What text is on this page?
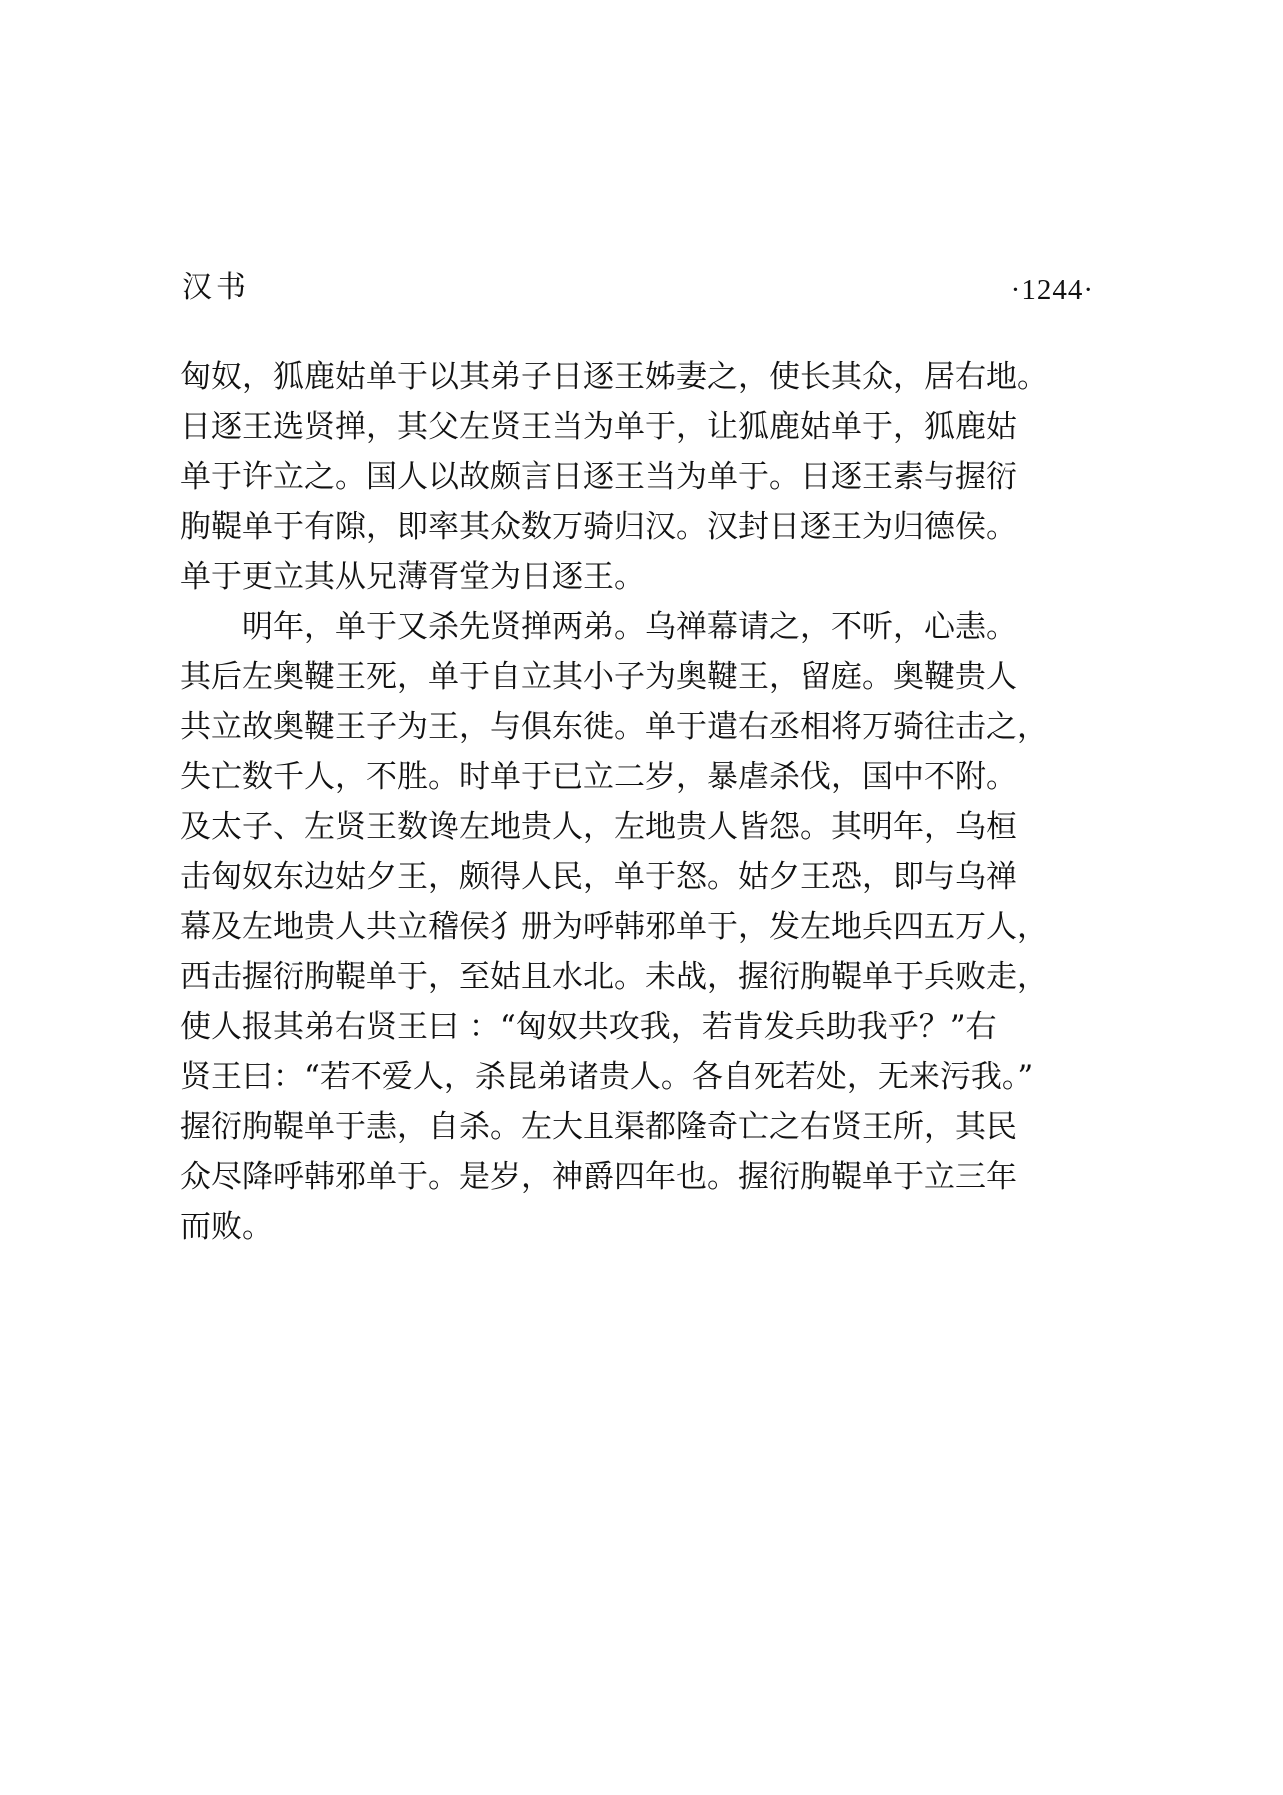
汉书	·1244·
匈奴，狐鹿姑单于以其弟子日逐王姊妻之，使长其众，居右地。
日逐王选贤掸，其父左贤王当为单于，让狐鹿姑单于，狐鹿姑
单于许立之。国人以故颇言日逐王当为单于。日逐王素与握衍
朐鞮单于有隙，即率其众数万骑归汉。汉封日逐王为归德侯。
单于更立其从兄薄胥堂为日逐王。
明年，单于又杀先贤掸两弟。乌禅幕请之，不听，心恚。
其后左奥鞬王死，单于自立其小子为奥鞬王，留庭。奥鞬贵人
共立故奥鞬王子为王，与俱东徙。单于遣右丞相将万骑往击之，
失亡数千人，不胜。时单于已立二岁，暴虐杀伐，国中不附。
及太子、左贤王数谗左地贵人，左地贵人皆怨。其明年，乌桓
击匈奴东边姑夕王，颇得人民，单于怒。姑夕王恐，即与乌禅
幕及左地贵人共立稽侯犭册为呼韩邪单于，发左地兵四五万人，
西击握衍朐鞮单于，至姑且水北。未战，握衍朐鞮单于兵败走，
使人报其弟右贤王曰 ：“匈奴共攻我，若肯发兵助我乎？”右
贤王曰：“若不爱人，杀昆弟诸贵人。各自死若处，无来污我。”
握衍朐鞮单于恚，自杀。左大且渠都隆奇亡之右贤王所，其民
众尽降呼韩邪单于。是岁，神爵四年也。握衍朐鞮单于立三年
而败。
